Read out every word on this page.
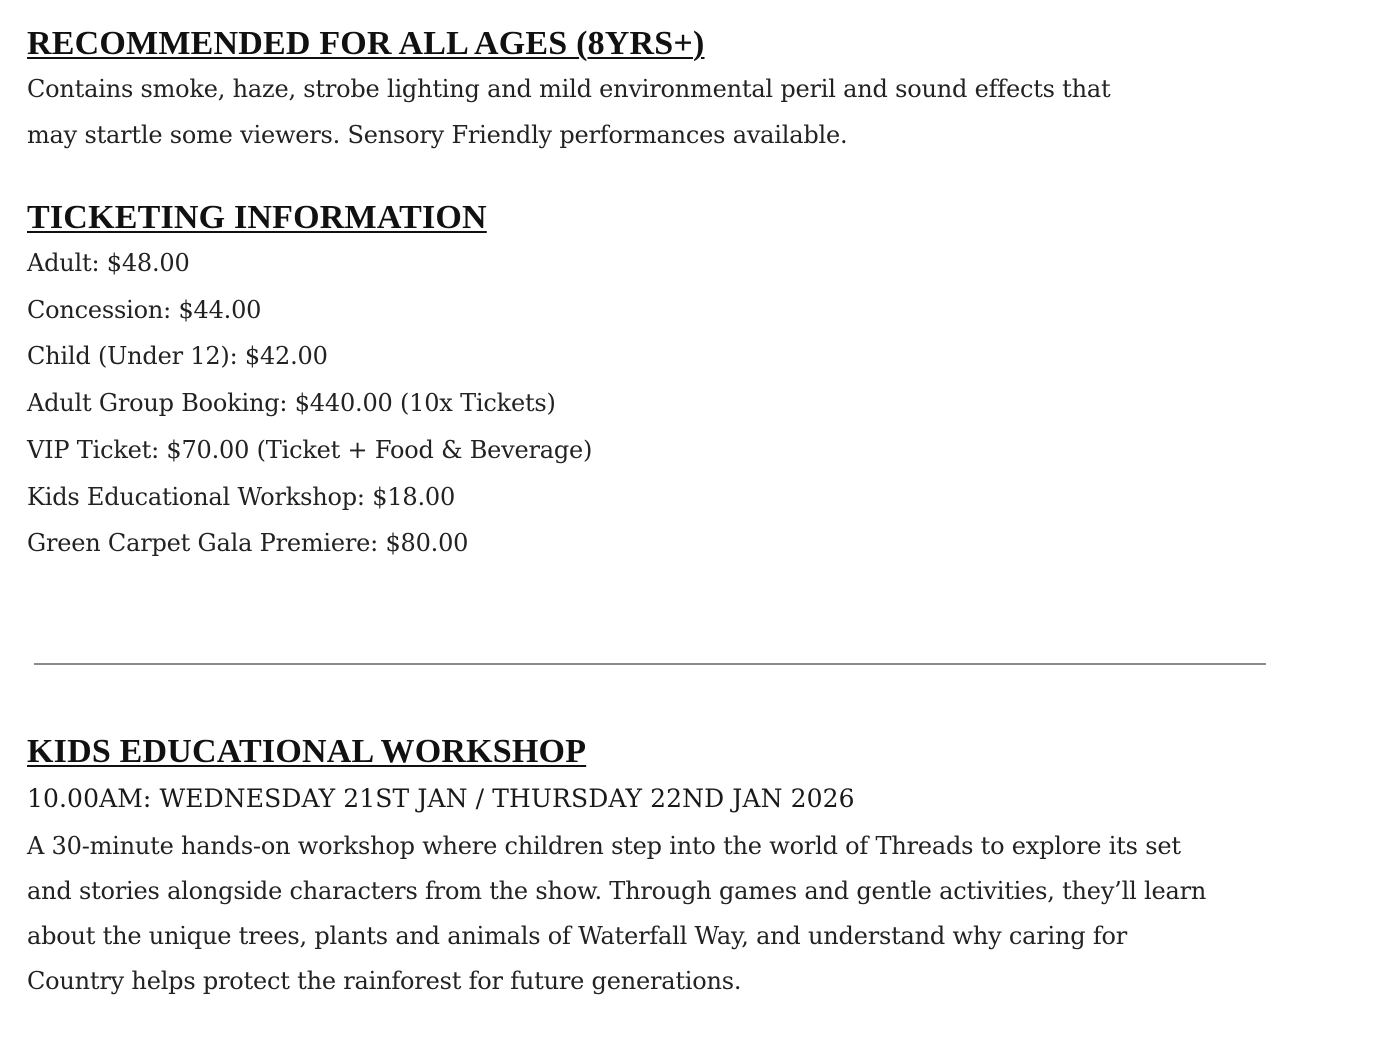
RECOMMENDED FOR ALL AGES (8YRS+)

Contains smoke, haze, strobe lighting and mild environmental peril and sound effects that
may startle some viewers. Sensory Friendly performances available.

TICKETING INFORMATION
Adult: $48.00
Concession: $44.00
Child (Under 12): $42.00
Adult Group Booking: $440.00 (10x Tickets)
VIP Ticket: $70.00 (Ticket + Food & Beverage)
Kids Educational Workshop: $18.00
Green Carpet Gala Premiere: $80.00
KIDS EDUCATIONAL WORKSHOP

10.00AM: WEDNESDAY 21ST JAN / THURSDAY 22ND JAN 2026

A 30-minute hands-on workshop where children step into the world of Threads to explore its set
and stories alongside characters from the show. Through games and gentle activities, they’ll learn
about the unique trees, plants and animals of Waterfall Way, and understand why caring for
Country helps protect the rainforest for future generations.
